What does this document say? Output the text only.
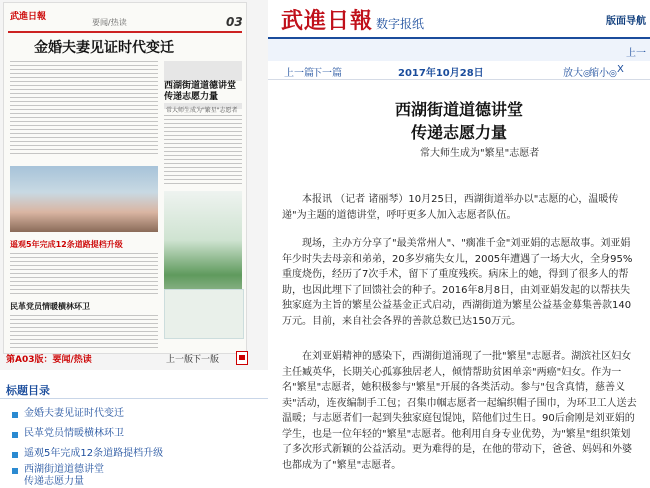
武進日報
要闻/热读	03
金婚夫妻见证时代变迁
西湖街道道德讲堂传递志愿力量
常大师生成为"繁星"志愿者
遥观5年完成12条道路提档升级
民革党员情暖横林环卫
第A03版：要闻/热读	上一版
下一版
标题目录
金婚夫妻见证时代变迁
民革党员情暖横林环卫
遥观5年完成12条道路提档升级
西湖街道道德讲堂
传递志愿力量
武進日報 数字报纸	版面导航
上一
上一篇
下一篇	2017年10月28日	放大◎
缩小◎ X
西湖街道道德讲堂
传递志愿力量
常大师生成为"繁星"志愿者

本报讯 （记者 诸丽琴）10月25日，西湖街道举办以"志愿的心，温暖传递"为主题的道德讲堂，呼吁更多人加入志愿者队伍。

现场，主办方分享了"最美常州人"、"瘸准千金"刘亚娟的志愿故事。刘亚娟年少时失去母亲和弟弟，20多岁痛失女儿，2005年遭遇了一场大火，全身95%重度烧伤，经历了7次手术，留下了重度残疾。病床上的她，得到了很多人的帮助，也因此埋下了回馈社会的种子。2016年8月8日，由刘亚娟发起的以帮扶失独家庭为主旨的繁星公益基金正式启动，西湖街道为繁星公益基金募集善款140万元。目前，来自社会各界的善款总数已达150万元。

在刘亚娟精神的感染下，西湖街道涌现了一批"繁星"志愿者。湖滨社区妇女主任臧英华，长期关心孤寡独居老人，倾情帮助贫困单亲"两癌"妇女。作为一名"繁星"志愿者，她积极参与"繁星"开展的各类活动。参与"包含真情，慈善义卖"活动，连夜编制手工包；召集巾帼志愿者一起编织帽子围巾，为环卫工人送去温暖；与志愿者们一起到失独家庭包馄饨，陪他们过生日。90后俞刚是刘亚娟的学生，也是一位年轻的"繁星"志愿者。他利用自身专业优势，为"繁星"组织策划了多次形式新颖的公益活动。更为难得的是，在他的带动下，爸爸、妈妈和外婆也都成为了"繁星"志愿者。
